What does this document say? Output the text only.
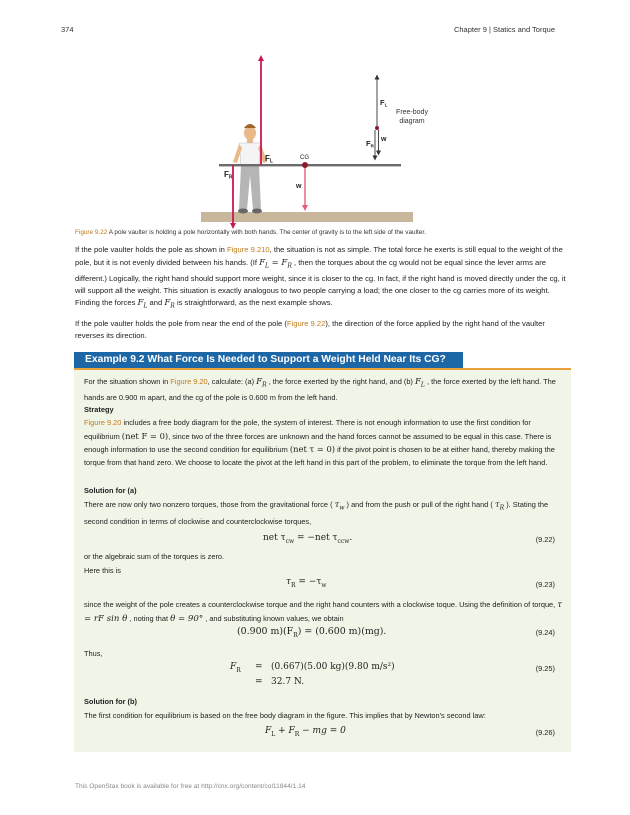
374	Chapter 9 | Statics and Torque
FL
FR
CG
w
$F_L$
$F_R$
w
Free-body
diagram
Figure 9.22 A pole vaulter is holding a pole horizontally with both hands. The center of gravity is to the left side of the vaulter.
If the pole vaulter holds the pole as shown in Figure 9.210, the situation is not as simple. The total force he exerts is still equal to the weight of the pole, but it is not evenly divided between his hands. (If $F_L = F_R$ , then the torques about the cg would not be equal since the lever arms are different.) Logically, the right hand should support more weight, since it is closer to the cg. In fact, if the right hand is moved directly under the cg, it will support all the weight. This situation is exactly analogous to two people carrying a load; the one closer to the cg carries more of its weight. Finding the forces $F_L$ and $F_R$ is straightforward, as the next example shows.
If the pole vaulter holds the pole from near the end of the pole (Figure 9.22), the direction of the force applied by the right hand of the vaulter reverses its direction.
Example 9.2 What Force Is Needed to Support a Weight Held Near Its CG?
For the situation shown in Figure 9.20, calculate: (a) $F_R$ , the force exerted by the right hand, and (b) $F_L$ , the force exerted by the left hand. The hands are 0.900 m apart, and the cg of the pole is 0.600 m from the left hand.
Strategy
Figure 9.20 includes a free body diagram for the pole, the system of interest. There is not enough information to use the first condition for equilibrium (net F = 0), since two of the three forces are unknown and the hand forces cannot be assumed to be equal in this case. There is enough information to use the second condition for equilibrium (net τ = 0) if the pivot point is chosen to be at either hand, thereby making the torque from that hand zero. We choose to locate the pivot at the left hand in this part of the problem, to eliminate the torque from the left hand.
Solution for (a)
There are now only two nonzero torques, those from the gravitational force ( $\tau_w$ ) and from the push or pull of the right hand ( $\tau_R$ ). Stating the second condition in terms of clockwise and counterclockwise torques,
net $\tau_{cw} = -net$ $\tau_{ccw}$.	(9.22)
or the algebraic sum of the torques is zero.
Here this is
$\tau_R = -\tau_w$	(9.23)
since the weight of the pole creates a counterclockwise torque and the right hand counters with a clockwise toque. Using the definition of torque, τ = rF sin θ , noting that θ = 90° , and substituting known values, we obtain
(0.900 $m)(F_R) = (0.600$ m)(mg).	(9.24)
Thus,
$F_R = (0.667)(5.00$ kg)(9.80 m/s²)
= 32.7 N.
(9.25)
Solution for (b)
The first condition for equilibrium is based on the free body diagram in the figure. This implies that by Newton's second law:
$F_L + F_R$ − mg = 0	(9.26)
This OpenStax book is available for free at http://cnx.org/content/col11844/1.14
